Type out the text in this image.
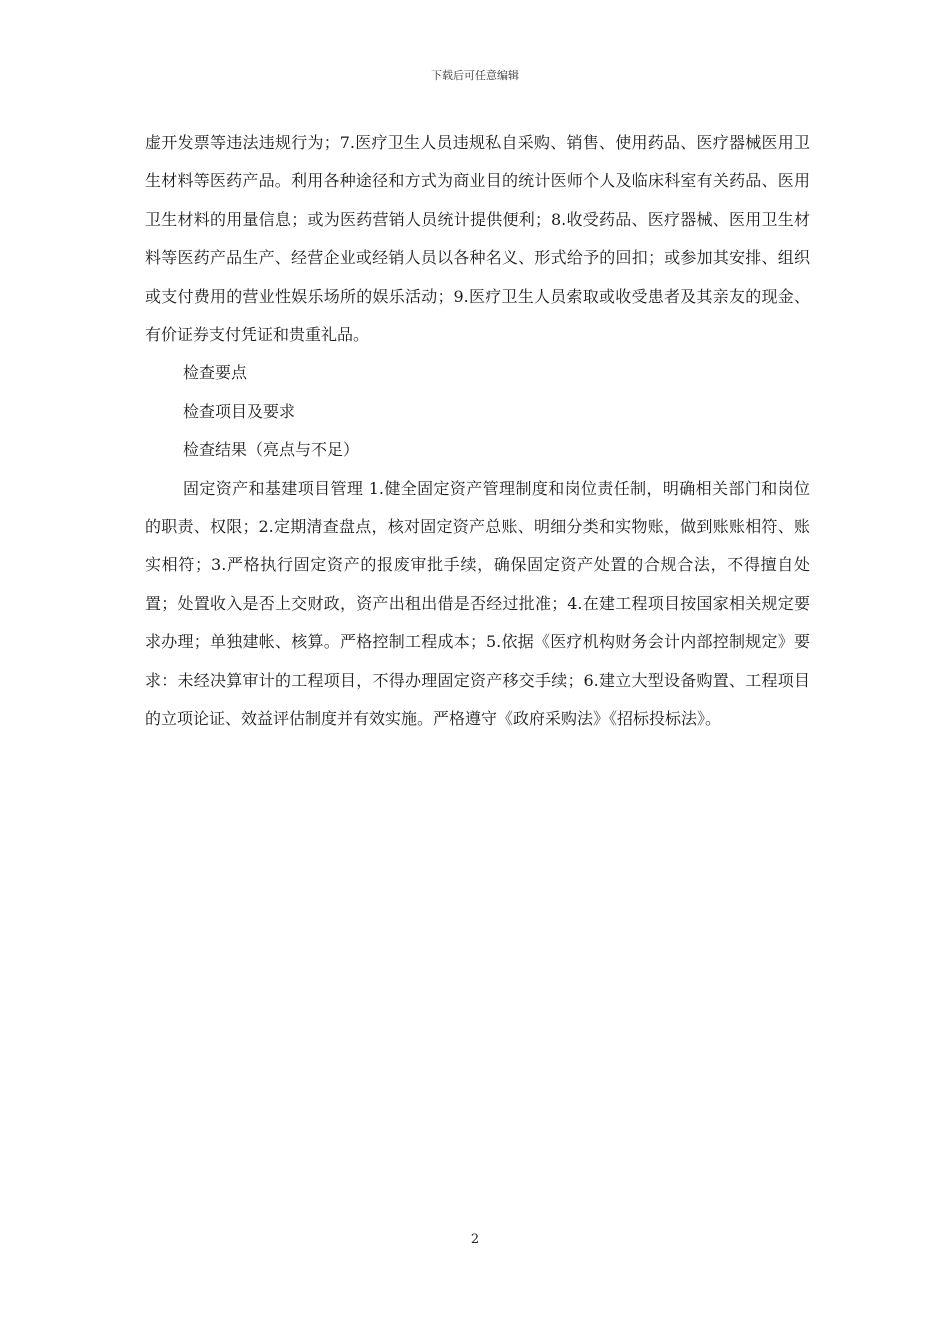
下载后可任意编辑

虚开发票等违法违规行为；7.医疗卫生人员违规私自采购、销售、使用药品、医疗器械医用卫生材料等医药产品。利用各种途径和方式为商业目的统计医师个人及临床科室有关药品、医用卫生材料的用量信息；或为医药营销人员统计提供便利；8.收受药品、医疗器械、医用卫生材料等医药产品生产、经营企业或经销人员以各种名义、形式给予的回扣；或参加其安排、组织或支付费用的营业性娱乐场所的娱乐活动；9.医疗卫生人员索取或收受患者及其亲友的现金、有价证券支付凭证和贵重礼品。

检查要点

检查项目及要求

检查结果（亮点与不足）

固定资产和基建项目管理 1.健全固定资产管理制度和岗位责任制，明确相关部门和岗位的职责、权限；2.定期清查盘点，核对固定资产总账、明细分类和实物账，做到账账相符、账实相符；3.严格执行固定资产的报废审批手续，确保固定资产处置的合规合法，不得擅自处置；处置收入是否上交财政，资产出租出借是否经过批准；4.在建工程项目按国家相关规定要求办理；单独建帐、核算。严格控制工程成本；5.依据《医疗机构财务会计内部控制规定》要求：未经决算审计的工程项目，不得办理固定资产移交手续；6.建立大型设备购置、工程项目的立项论证、效益评估制度并有效实施。严格遵守《政府采购法》《招标投标法》。

2
